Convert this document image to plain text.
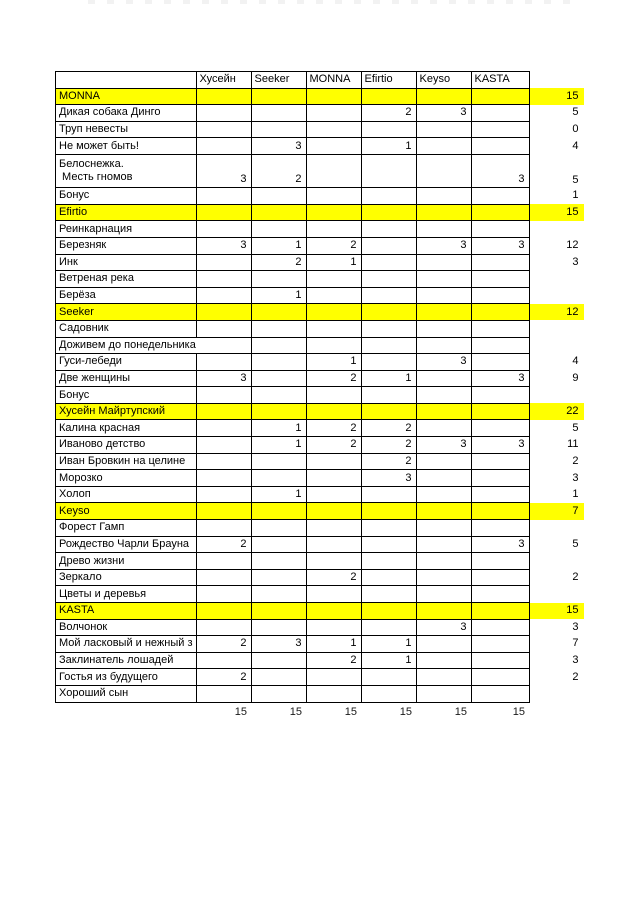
	Хусейн	Seeker	MONNA	Efirtio	Keyso	KASTA	
MONNA							15
Дикая собака Динго				2	3		5
Труп невесты							0
Не может быть!		3		1			4

Белоснежка.
Месть гномов	3	2				3	5
Бонус							1
Efirtio							15
Реинкарнация							
Березняк	3	1	2		3	3	12
Инк		2	1				3
Ветреная река							
Берёза		1					
Seeker							12
Садовник							
Доживем до понедельника							
Гуси-лебеди			1		3		4
Две женщины	3		2	1		3	9
Бонус							
Хусейн Майртупский							22
Калина красная		1	2	2			5
Иваново детство		1	2	2	3	3	11
Иван Бровкин на целине				2			2
Морозко				3			3
Холоп		1					1
Keyso							7
Форест Гамп							
Рождество Чарли Брауна	2					3	5
Древо жизни							
Зеркало			2				2
Цветы и деревья							
KASTA							15
Волчонок					3		3
Мой ласковый и нежный з	2	3	1	1			7
Заклинатель лошадей			2	1			3
Гостья из будущего	2						2
Хороший сын							
	15	15	15	15	15	15	
